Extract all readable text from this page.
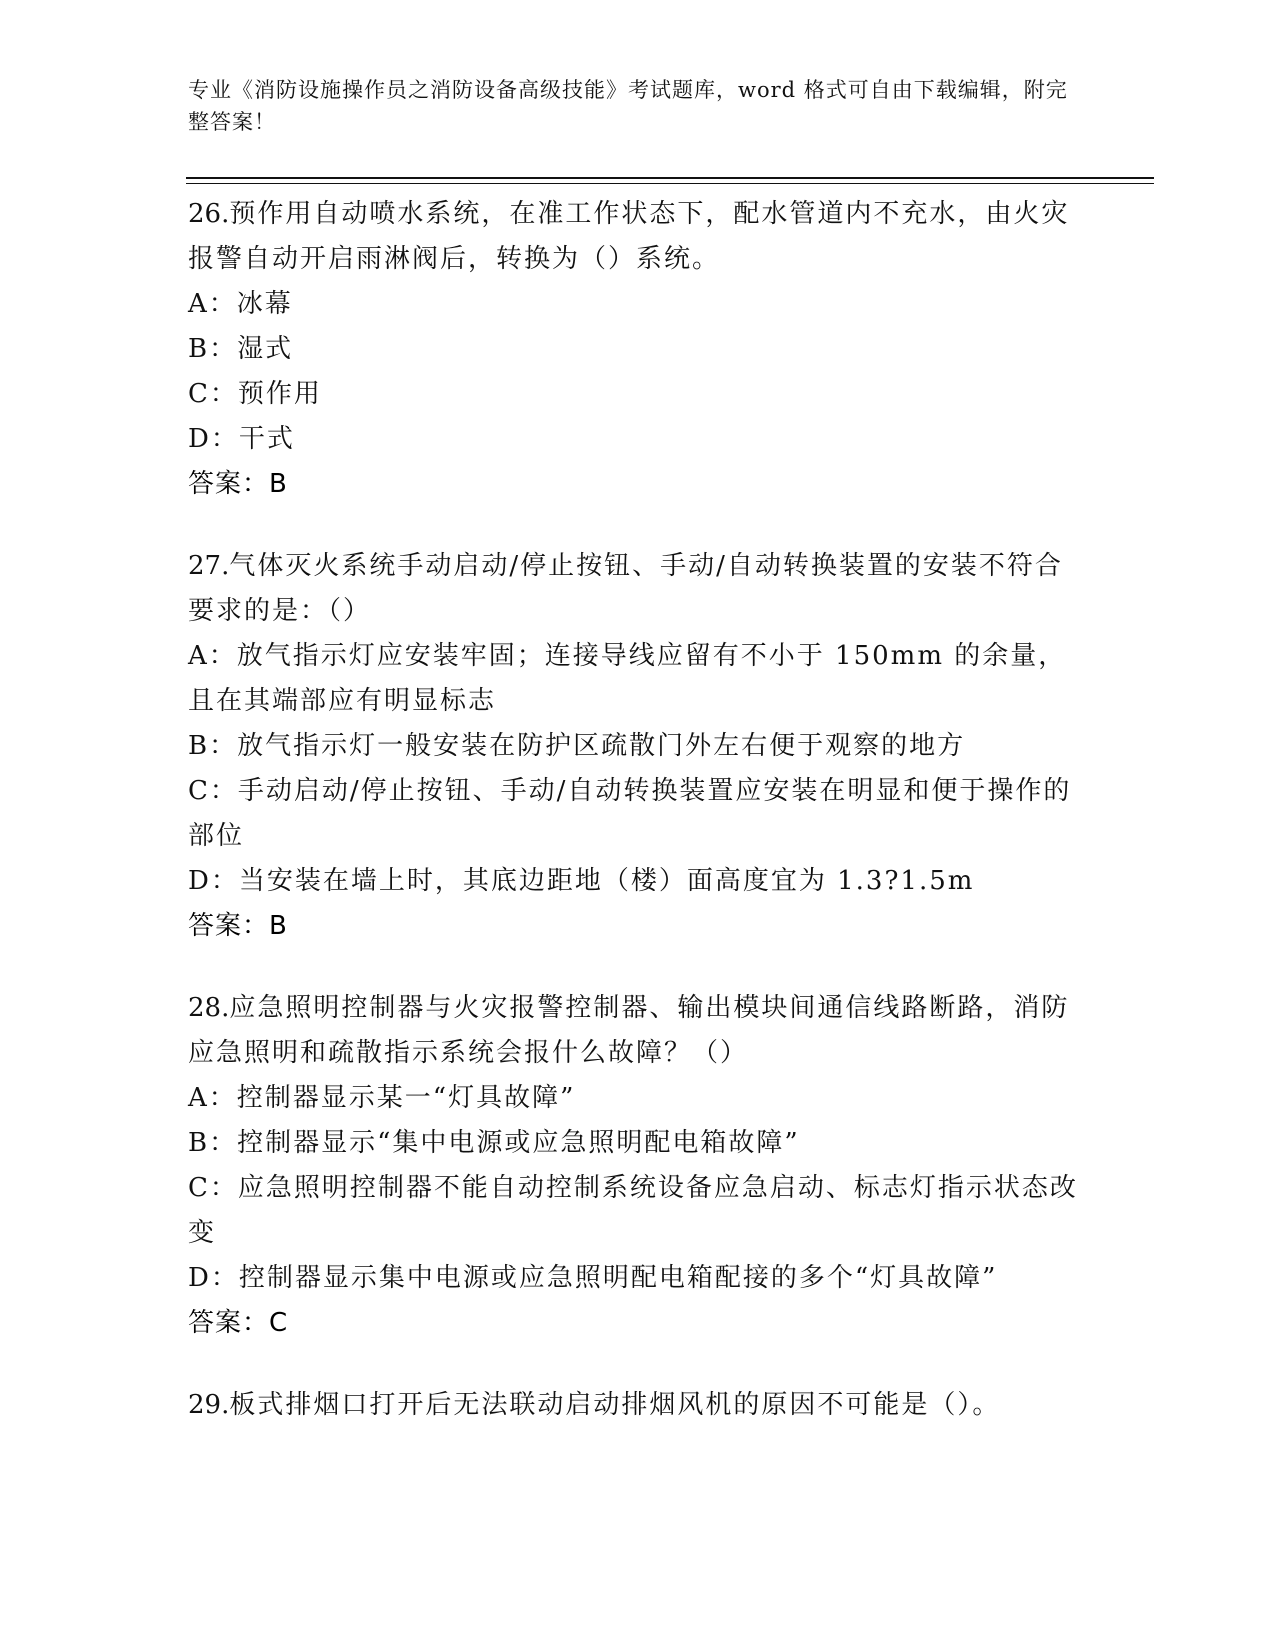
专业《消防设施操作员之消防设备高级技能》考试题库，word 格式可自由下载编辑，附完整答案！
26.预作用自动喷水系统，在准工作状态下，配水管道内不充水，由火灾报警自动开启雨淋阀后，转换为（）系统。
A：冰幕
B：湿式
C：预作用
D：干式
答案：B
27.气体灭火系统手动启动/停止按钮、手动/自动转换装置的安装不符合要求的是：（）
A：放气指示灯应安装牢固；连接导线应留有不小于 150mm 的余量，且在其端部应有明显标志
B：放气指示灯一般安装在防护区疏散门外左右便于观察的地方
C：手动启动/停止按钮、手动/自动转换装置应安装在明显和便于操作的部位
D：当安装在墙上时，其底边距地（楼）面高度宜为 1.3?1.5m
答案：B
28.应急照明控制器与火灾报警控制器、输出模块间通信线路断路，消防应急照明和疏散指示系统会报什么故障？（）
A：控制器显示某一“灯具故障”
B：控制器显示“集中电源或应急照明配电箱故障”
C：应急照明控制器不能自动控制系统设备应急启动、标志灯指示状态改变
D：控制器显示集中电源或应急照明配电箱配接的多个“灯具故障”
答案：C
29.板式排烟口打开后无法联动启动排烟风机的原因不可能是（）。
